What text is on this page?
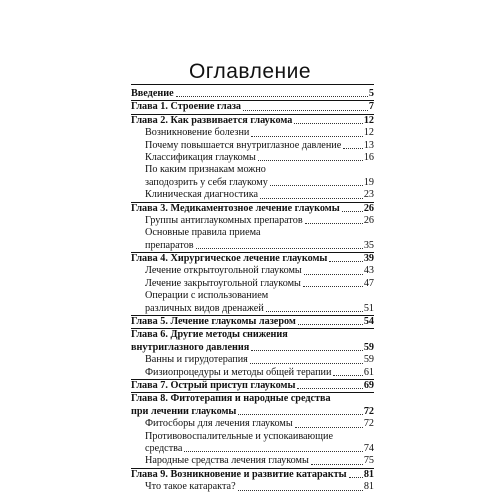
Оглавление
Введение	5
Глава 1. Строение глаза	7
Глава 2. Как развивается глаукома	12
Возникновение болезни	12
Почему повышается внутриглазное давление 13
Классификация глаукомы	16
По каким признакам можно
заподозрить у себя глаукому	19
Клиническая диагностика	23
Глава 3. Медикаментозное лечение глаукомы 26
Группы антиглаукомных препаратов	26
Основные правила приема
препаратов	35
Глава 4. Хирургическое лечение глаукомы	39
Лечение открытоугольной глаукомы	43
Лечение закрытоугольной глаукомы	47
Операции с использованием
различных видов дренажей	51
Глава 5. Лечение глаукомы лазером	54
Глава 6. Другие методы снижения
внутриглазного давления	59
Ванны и гирудотерапия	59
Физиопроцедуры и методы общей терапии	61
Глава 7. Острый приступ глаукомы	69
Глава 8. Фитотерапия и народные средства
при лечении глаукомы	72
Фитосборы для лечения глаукомы	72
Противовоспалительные и успокаивающие
средства	74
Народные средства лечения глаукомы	75
Глава 9. Возникновение и развитие катаракты 81
Что такое катаракта?	81
